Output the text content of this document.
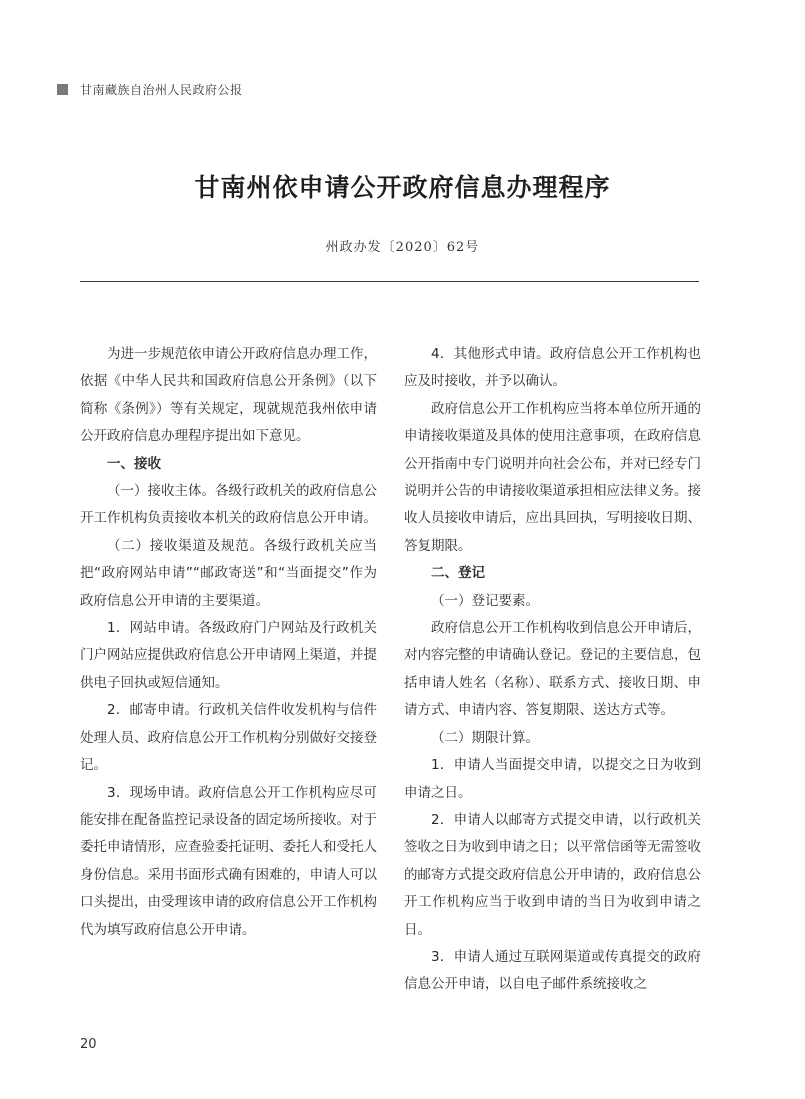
甘南藏族自治州人民政府公报
甘南州依申请公开政府信息办理程序
州政办发〔2020〕62号

为进一步规范依申请公开政府信息办理工作，依据《中华人民共和国政府信息公开条例》（以下简称《条例》）等有关规定，现就规范我州依申请公开政府信息办理程序提出如下意见。

一、接收

（一）接收主体。各级行政机关的政府信息公开工作机构负责接收本机关的政府信息公开申请。

（二）接收渠道及规范。各级行政机关应当把“政府网站申请”“邮政寄送”和“当面提交”作为政府信息公开申请的主要渠道。

1．网站申请。各级政府门户网站及行政机关门户网站应提供政府信息公开申请网上渠道，并提供电子回执或短信通知。

2．邮寄申请。行政机关信件收发机构与信件处理人员、政府信息公开工作机构分别做好交接登记。

3．现场申请。政府信息公开工作机构应尽可能安排在配备监控记录设备的固定场所接收。对于委托申请情形，应查验委托证明、委托人和受托人身份信息。采用书面形式确有困难的，申请人可以口头提出，由受理该申请的政府信息公开工作机构代为填写政府信息公开申请。

4．其他形式申请。政府信息公开工作机构也应及时接收，并予以确认。

政府信息公开工作机构应当将本单位所开通的申请接收渠道及具体的使用注意事项，在政府信息公开指南中专门说明并向社会公布，并对已经专门说明并公告的申请接收渠道承担相应法律义务。接收人员接收申请后，应出具回执，写明接收日期、答复期限。

二、登记

（一）登记要素。

政府信息公开工作机构收到信息公开申请后，对内容完整的申请确认登记。登记的主要信息，包括申请人姓名（名称）、联系方式、接收日期、申请方式、申请内容、答复期限、送达方式等。

（二）期限计算。

1．申请人当面提交申请，以提交之日为收到申请之日。

2．申请人以邮寄方式提交申请，以行政机关签收之日为收到申请之日；以平常信函等无需签收的邮寄方式提交政府信息公开申请的，政府信息公开工作机构应当于收到申请的当日为收到申请之日。

3．申请人通过互联网渠道或传真提交的政府信息公开申请，以自电子邮件系统接收之

20
